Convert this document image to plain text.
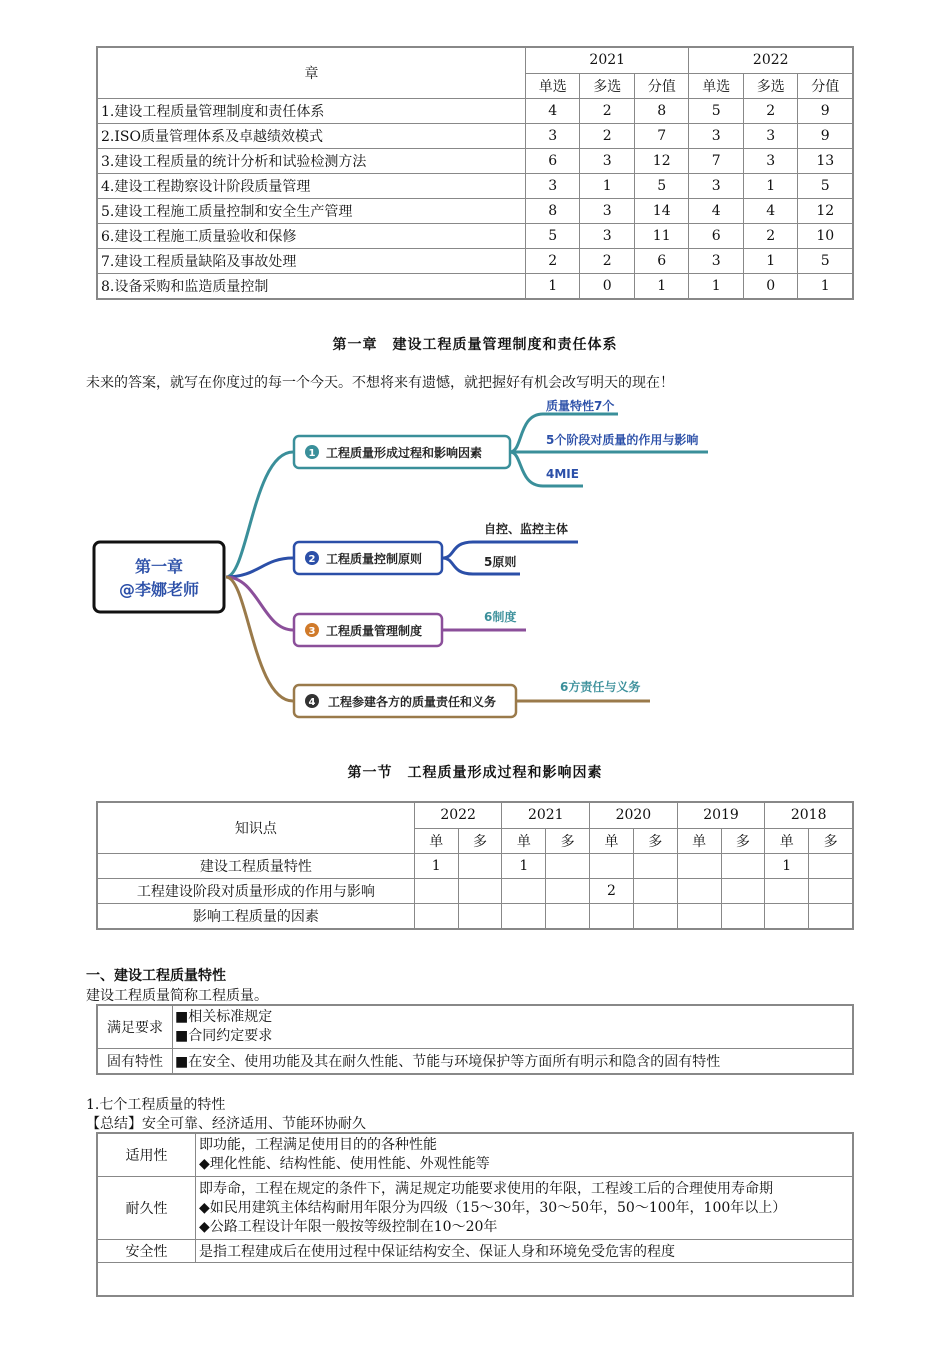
章	2021			2022		
	单选	多选	分值	单选	多选	分值
1.建设工程质量管理制度和责任体系	4	2	8	5	2	9
2.ISO质量管理体系及卓越绩效模式	3	2	7	3	3	9
3.建设工程质量的统计分析和试验检测方法	6	3	12	7	3	13
4.建设工程勘察设计阶段质量管理	3	1	5	3	1	5
5.建设工程施工质量控制和安全生产管理	8	3	14	4	4	12
6.建设工程施工质量验收和保修	5	3	11	6	2	10
7.建设工程质量缺陷及事故处理	2	2	6	3	1	5
8.设备采购和监造质量控制	1	0	1	1	0	1
第一章　建设工程质量管理制度和责任体系
未来的答案，就写在你度过的每一个今天。不想将来有遗憾，就把握好有机会改写明天的现在！
第一章
@李娜老师
1 工程质量形成过程和影响因素
质量特性7个
5个阶段对质量的作用与影响
4MIE
2 工程质量控制原则
自控、监控主体
5原则
3 工程质量管理制度
6制度
4 工程参建各方的质量责任和义务
6方责任与义务
第一节　工程质量形成过程和影响因素
知识点	2022		2021		2020		2019		2018	
	单	多	单	多	单	多	单	多	单	多
建设工程质量特性	1		1						1	
工程建设阶段对质量形成的作用与影响					2					
影响工程质量的因素										
一、建设工程质量特性
建设工程质量简称工程质量。
满足要求	■相关标准规定
■合同约定要求

固有特性	■在安全、使用功能及其在耐久性能、节能与环境保护等方面所有明示和隐含的固有特性
1.七个工程质量的特性
【总结】安全可靠、经济适用、节能环协耐久
适用性	即功能，工程满足使用目的的各种性能
◆理化性能、结构性能、使用性能、外观性能等

耐久性	即寿命，工程在规定的条件下，满足规定功能要求使用的年限，工程竣工后的合理使用寿命期
◆如民用建筑主体结构耐用年限分为四级（15～30年，30～50年，50～100年，100年以上）
◆公路工程设计年限一般按等级控制在10～20年

安全性	是指工程建成后在使用过程中保证结构安全、保证人身和环境免受危害的程度
